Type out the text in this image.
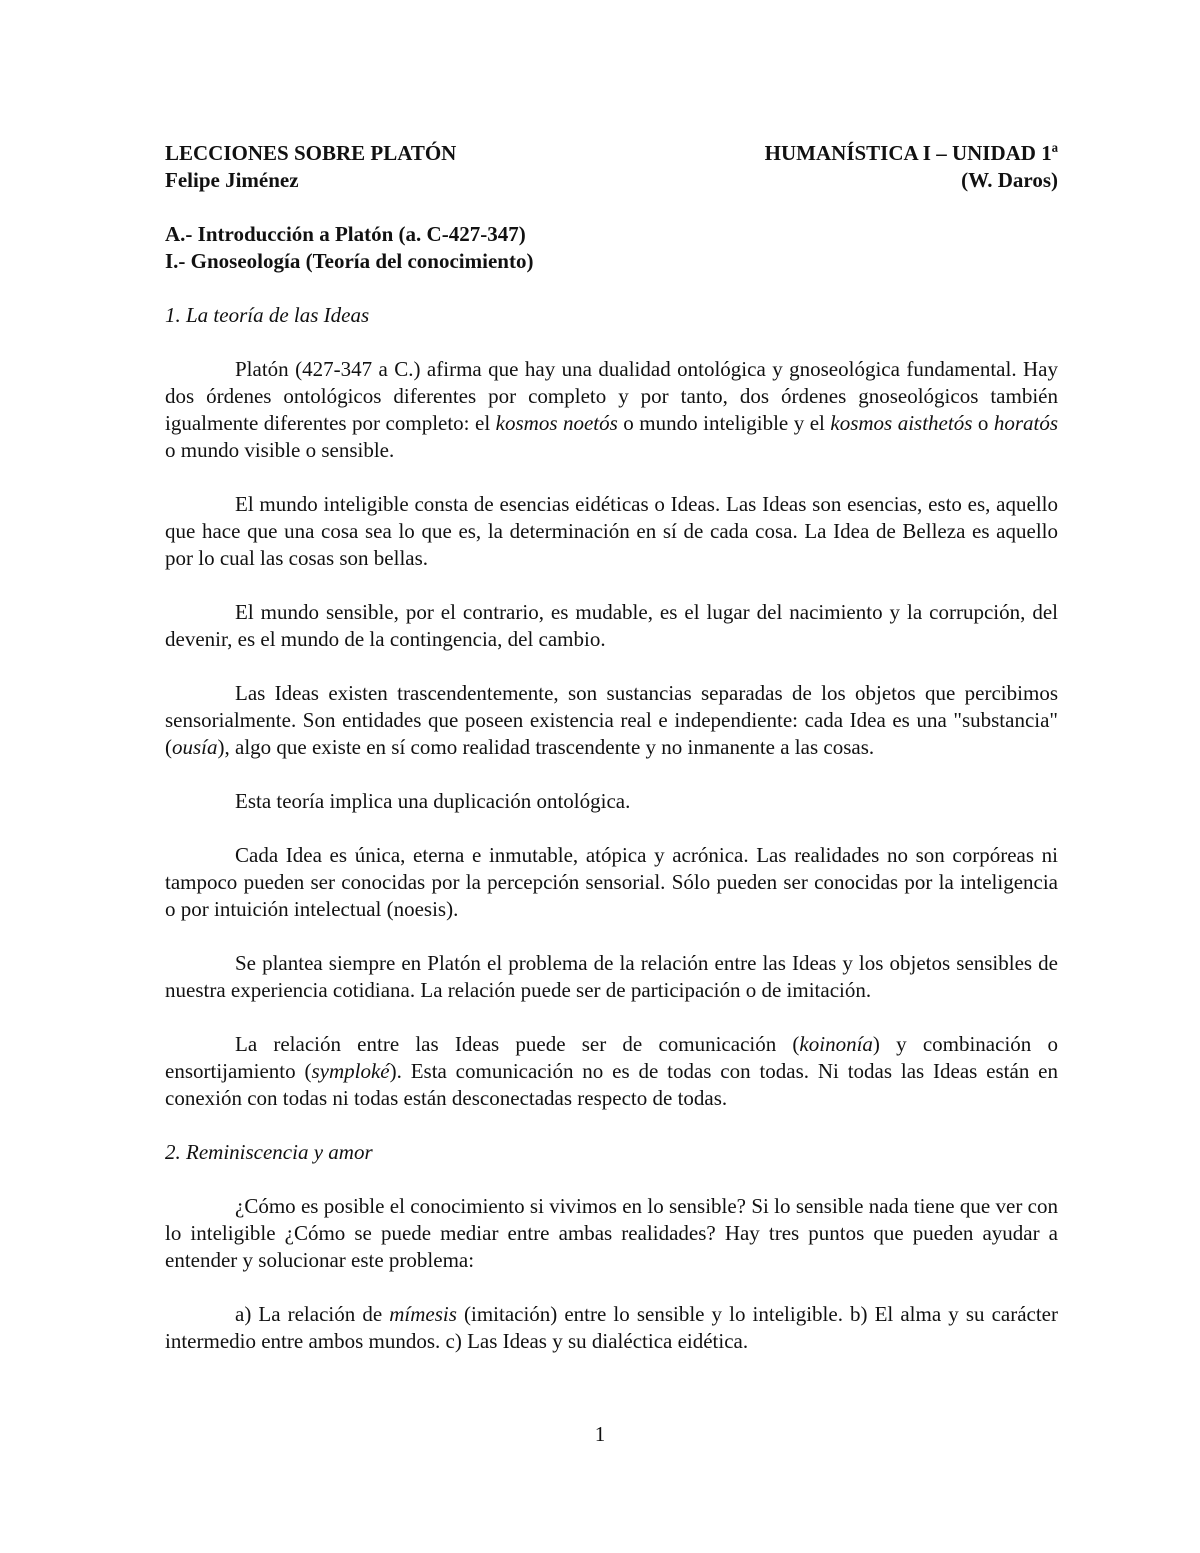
LECCIONES SOBRE PLATÓN	HUMANÍSTICA I – UNIDAD 1ª
Felipe Jiménez	(W. Daros)
A.- Introducción a Platón (a. C-427-347)
I.- Gnoseología (Teoría del conocimiento)
1. La teoría de las Ideas

Platón (427-347 a C.) afirma que hay una dualidad ontológica y gnoseológica fundamental. Hay dos órdenes ontológicos diferentes por completo y por tanto, dos órdenes gnoseológicos también igualmente diferentes por completo: el kosmos noetós o mundo inteligible y el kosmos aisthetós o horatós o mundo visible o sensible.

El mundo inteligible consta de esencias eidéticas o Ideas. Las Ideas son esencias, esto es, aquello que hace que una cosa sea lo que es, la determinación en sí de cada cosa. La Idea de Belleza es aquello por lo cual las cosas son bellas.

El mundo sensible, por el contrario, es mudable, es el lugar del nacimiento y la corrupción, del devenir, es el mundo de la contingencia, del cambio.

Las Ideas existen trascendentemente, son sustancias separadas de los objetos que percibimos sensorialmente. Son entidades que poseen existencia real e independiente: cada Idea es una "substancia" (ousía), algo que existe en sí como realidad trascendente y no inmanente a las cosas.

Esta teoría implica una duplicación ontológica.

Cada Idea es única, eterna e inmutable, atópica y acrónica. Las realidades no son corpóreas ni tampoco pueden ser conocidas por la percepción sensorial. Sólo pueden ser conocidas por la inteligencia o por intuición intelectual (noesis).

Se plantea siempre en Platón el problema de la relación entre las Ideas y los objetos sensibles de nuestra experiencia cotidiana. La relación puede ser de participación o de imitación.

La relación entre las Ideas puede ser de comunicación (koinonía) y combinación o ensortijamiento (symploké). Esta comunicación no es de todas con todas. Ni todas las Ideas están en conexión con todas ni todas están desconectadas respecto de todas.

2. Reminiscencia y amor

¿Cómo es posible el conocimiento si vivimos en lo sensible? Si lo sensible nada tiene que ver con lo inteligible ¿Cómo se puede mediar entre ambas realidades? Hay tres puntos que pueden ayudar a entender y solucionar este problema:

a) La relación de mímesis (imitación) entre lo sensible y lo inteligible. b) El alma y su carácter intermedio entre ambos mundos. c) Las Ideas y su dialéctica eidética.

1
